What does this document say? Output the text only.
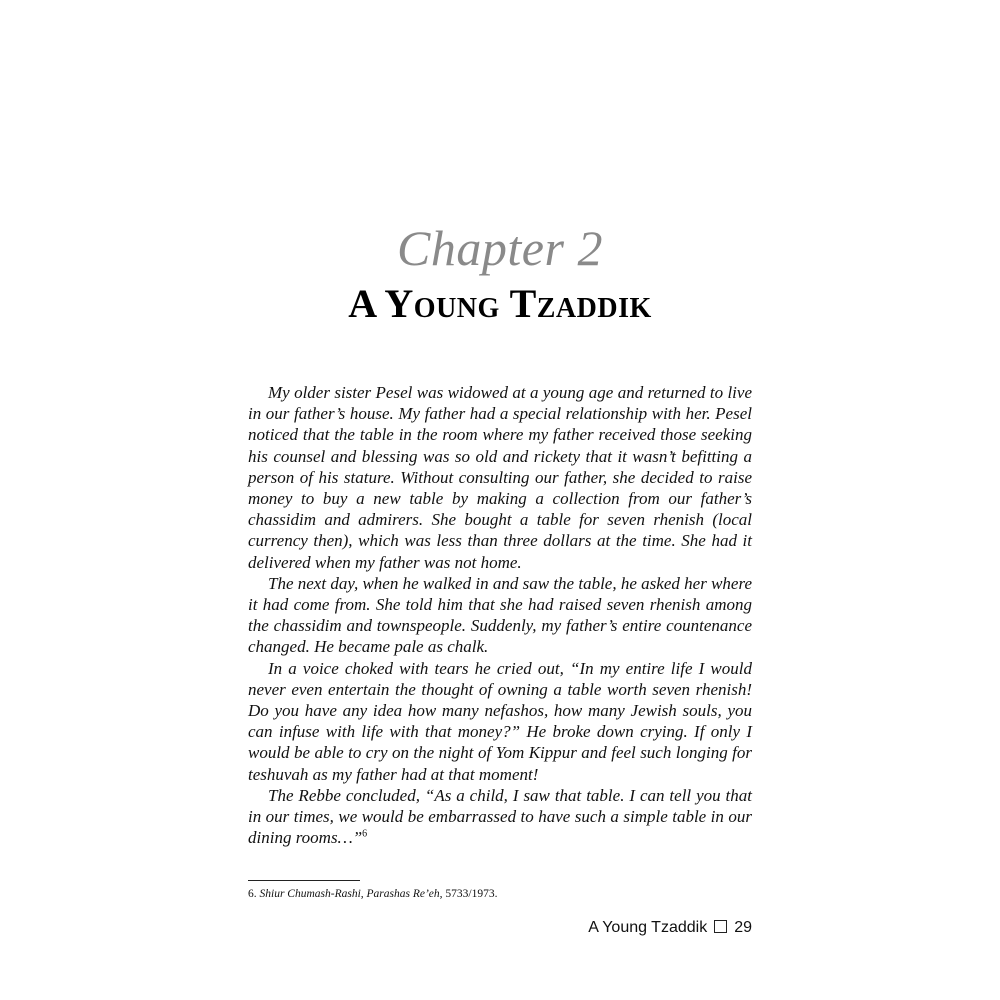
Chapter 2
A Young Tzaddik

My older sister Pesel was widowed at a young age and returned to live in our father’s house. My father had a special relationship with her. Pesel noticed that the table in the room where my father received those seeking his counsel and blessing was so old and rickety that it wasn’t befitting a person of his stature. Without consulting our father, she decided to raise money to buy a new table by making a collection from our father’s chassidim and admirers. She bought a table for seven rhenish (local currency then), which was less than three dollars at the time. She had it delivered when my father was not home.

The next day, when he walked in and saw the table, he asked her where it had come from. She told him that she had raised seven rhenish among the chassidim and townspeople. Suddenly, my father’s entire countenance changed. He became pale as chalk.

In a voice choked with tears he cried out, “In my entire life I would never even entertain the thought of owning a table worth seven rhenish! Do you have any idea how many nefashos, how many Jewish souls, you can infuse with life with that money?” He broke down crying. If only I would be able to cry on the night of Yom Kippur and feel such longing for teshuvah as my father had at that moment!

The Rebbe concluded, “As a child, I saw that table. I can tell you that in our times, we would be embarrassed to have such a simple table in our dining rooms…”$^6$

6. Shiur Chumash-Rashi, Parashas Re’eh, 5733/1973.
A Young Tzaddik 29
